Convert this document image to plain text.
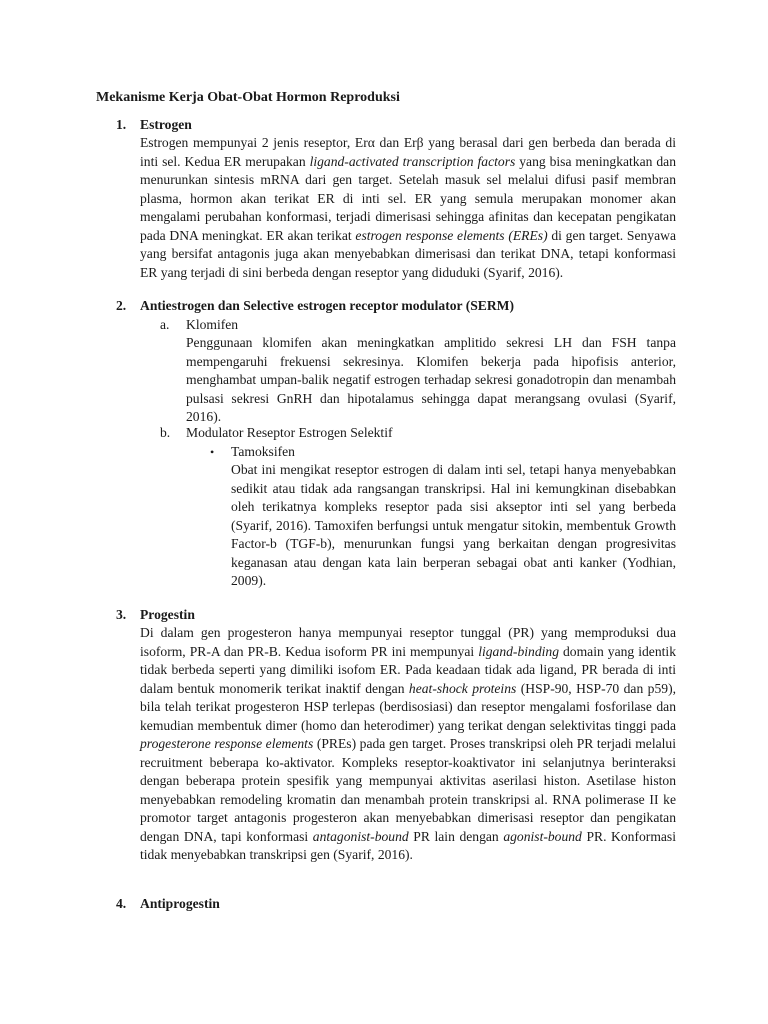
Mekanisme Kerja Obat-Obat Hormon Reproduksi
1. Estrogen
Estrogen mempunyai 2 jenis reseptor, Erα dan Erβ yang berasal dari gen berbeda dan berada di inti sel. Kedua ER merupakan ligand-activated transcription factors yang bisa meningkatkan dan menurunkan sintesis mRNA dari gen target. Setelah masuk sel melalui difusi pasif membran plasma, hormon akan terikat ER di inti sel. ER yang semula merupakan monomer akan mengalami perubahan konformasi, terjadi dimerisasi sehingga afinitas dan kecepatan pengikatan pada DNA meningkat. ER akan terikat estrogen response elements (EREs) di gen target. Senyawa yang bersifat antagonis juga akan menyebabkan dimerisasi dan terikat DNA, tetapi konformasi ER yang terjadi di sini berbeda dengan reseptor yang diduduki (Syarif, 2016).
2. Antiestrogen dan Selective estrogen receptor modulator (SERM)
a. Klomifen
Penggunaan klomifen akan meningkatkan amplitido sekresi LH dan FSH tanpa mempengaruhi frekuensi sekresinya. Klomifen bekerja pada hipofisis anterior, menghambat umpan-balik negatif estrogen terhadap sekresi gonadotropin dan menambah pulsasi sekresi GnRH dan hipotalamus sehingga dapat merangsang ovulasi (Syarif, 2016).
b. Modulator Reseptor Estrogen Selektif
• Tamoksifen
Obat ini mengikat reseptor estrogen di dalam inti sel, tetapi hanya menyebabkan sedikit atau tidak ada rangsangan transkripsi. Hal ini kemungkinan disebabkan oleh terikatnya kompleks reseptor pada sisi akseptor inti sel yang berbeda (Syarif, 2016). Tamoxifen berfungsi untuk mengatur sitokin, membentuk Growth Factor-b (TGF-b), menurunkan fungsi yang berkaitan dengan progresivitas keganasan atau dengan kata lain berperan sebagai obat anti kanker (Yodhian, 2009).
3. Progestin
Di dalam gen progesteron hanya mempunyai reseptor tunggal (PR) yang memproduksi dua isoform, PR-A dan PR-B. Kedua isoform PR ini mempunyai ligand-binding domain yang identik tidak berbeda seperti yang dimiliki isofom ER. Pada keadaan tidak ada ligand, PR berada di inti dalam bentuk monomerik terikat inaktif dengan heat-shock proteins (HSP-90, HSP-70 dan p59), bila telah terikat progesteron HSP terlepas (berdisosiasi) dan reseptor mengalami fosforilase dan kemudian membentuk dimer (homo dan heterodimer) yang terikat dengan selektivitas tinggi pada progesterone response elements (PREs) pada gen target. Proses transkripsi oleh PR terjadi melalui recruitment beberapa ko-aktivator. Kompleks reseptor-koaktivator ini selanjutnya berinteraksi dengan beberapa protein spesifik yang mempunyai aktivitas aserilasi histon. Asetilase histon menyebabkan remodeling kromatin dan menambah protein transkripsi al. RNA polimerase II ke promotor target antagonis progesteron akan menyebabkan dimerisasi reseptor dan pengikatan dengan DNA, tapi konformasi antagonist-bound PR lain dengan agonist-bound PR. Konformasi tidak menyebabkan transkripsi gen (Syarif, 2016).
4. Antiprogestin
